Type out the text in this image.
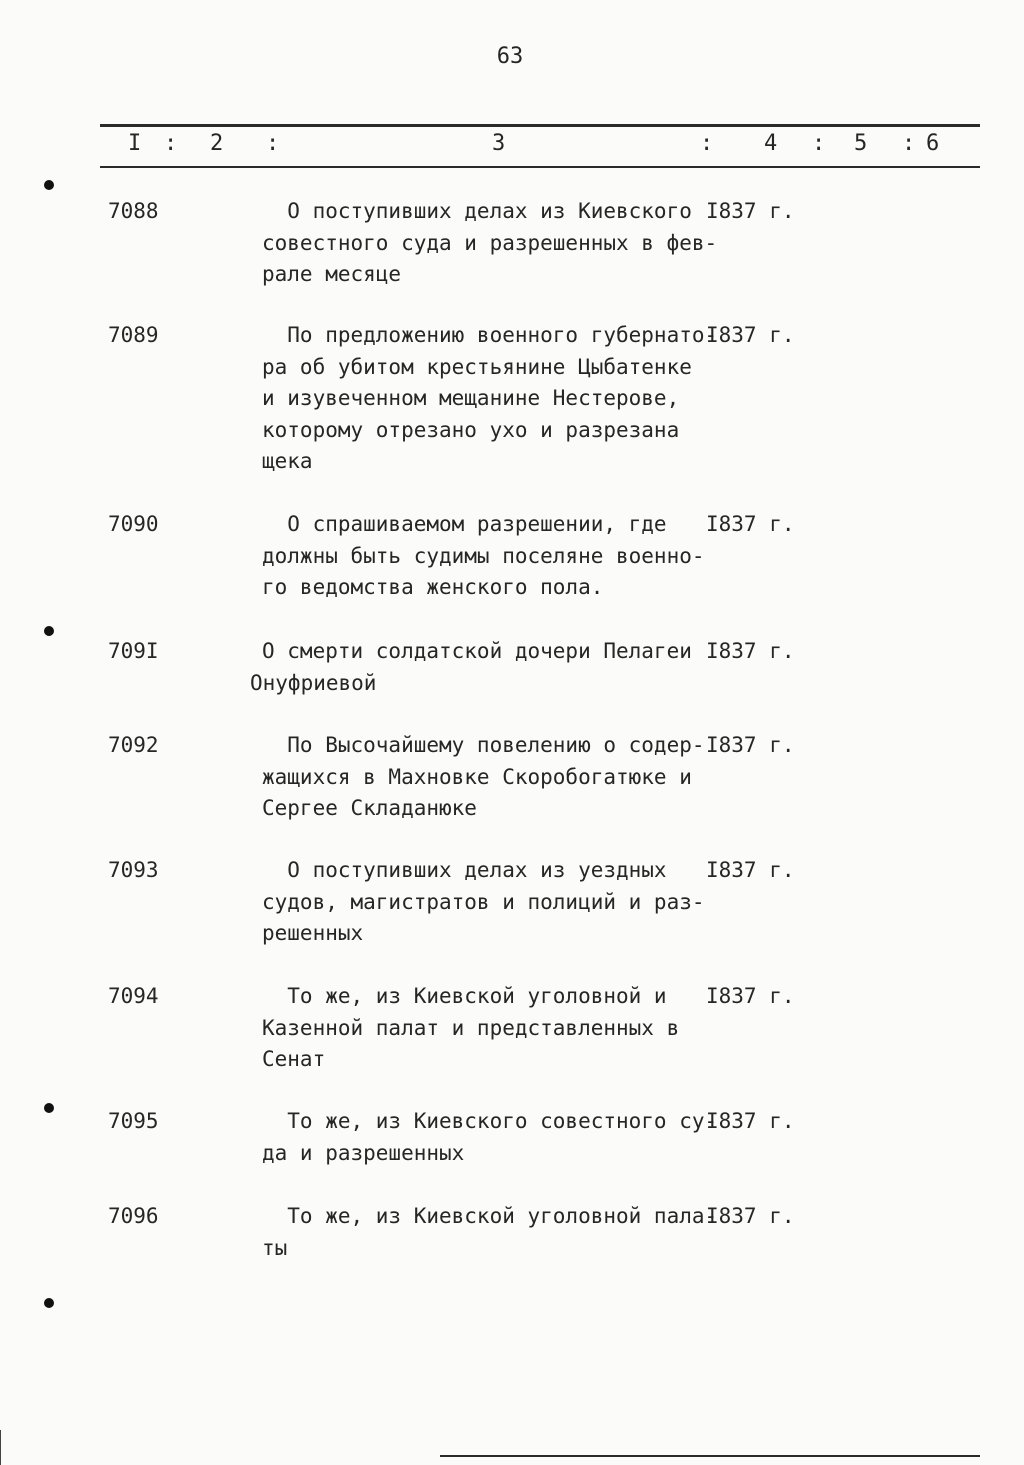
63
I : 2 :	3	: 4 : 5 : 6
7088	О поступивших делах из Киевского
совестного суда и разрешенных в фев-
рале месяце
I837 г.
7089	По предложению военного губернато-
ра об убитом крестьянине Цыбатенке
и изувеченном мещанине Нестерове,
которому отрезано ухо и разрезана
щека
I837 г.
7090	О спрашиваемом разрешении, где
должны быть судимы поселяне военно-
го ведомства женского пола.
I837 г.
709I	О смерти солдатской дочери Пелагеи
Онуфриевой
I837 г.
7092	По Высочайшему повелению о содер-
жащихся в Махновке Скоробогатюке и
Сергее Складанюке
I837 г.
7093	О поступивших делах из уездных
судов, магистратов и полиций и раз-
решенных
I837 г.
7094	То же, из Киевской уголовной и
Казенной палат и представленных в
Сенат
I837 г.
7095	То же, из Киевского совестного су-
да и разрешенных
I837 г.
7096	То же, из Киевской уголовной пала-
ты
I837 г.
